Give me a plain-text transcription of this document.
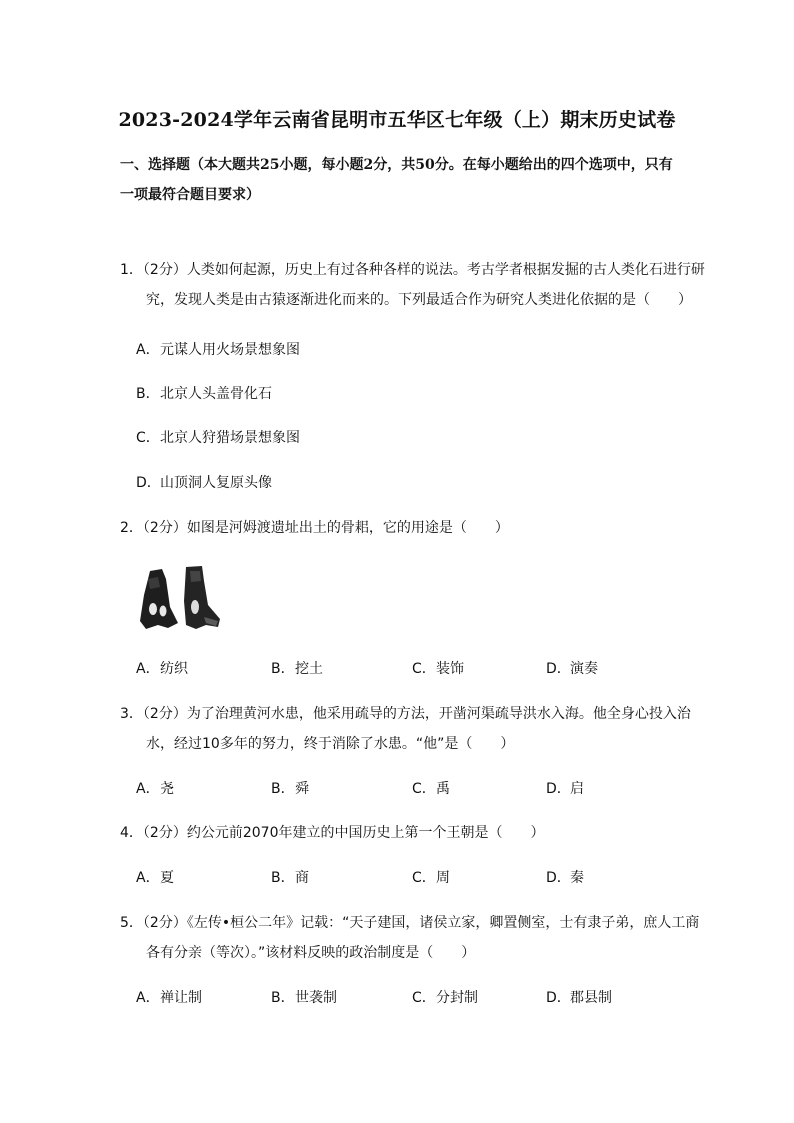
2023-2024学年云南省昆明市五华区七年级（上）期末历史试卷
一、选择题（本大题共25小题，每小题2分，共50分。在每小题给出的四个选项中，只有一项最符合题目要求）
1．（2分）人类如何起源，历史上有过各种各样的说法。考古学者根据发掘的古人类化石进行研究，发现人类是由古猿逐渐进化而来的。下列最适合作为研究人类进化依据的是（　　）
A．元谋人用火场景想象图
B．北京人头盖骨化石
C．北京人狩猎场景想象图
D．山顶洞人复原头像
2．（2分）如图是河姆渡遗址出土的骨耜，它的用途是（　　）
A．纺织	B．挖土	C．装饰	D．演奏
3．（2分）为了治理黄河水患，他采用疏导的方法，开凿河渠疏导洪水入海。他全身心投入治水，经过10多年的努力，终于消除了水患。“他”是（　　）
A．尧	B．舜	C．禹	D．启
4．（2分）约公元前2070年建立的中国历史上第一个王朝是（　　）
A．夏	B．商	C．周	D．秦
5．（2分）《左传•桓公二年》记载：“天子建国，诸侯立家，卿置侧室，士有隶子弟，庶人工商各有分亲（等次）。”该材料反映的政治制度是（　　）
A．禅让制	B．世袭制	C．分封制	D．郡县制
